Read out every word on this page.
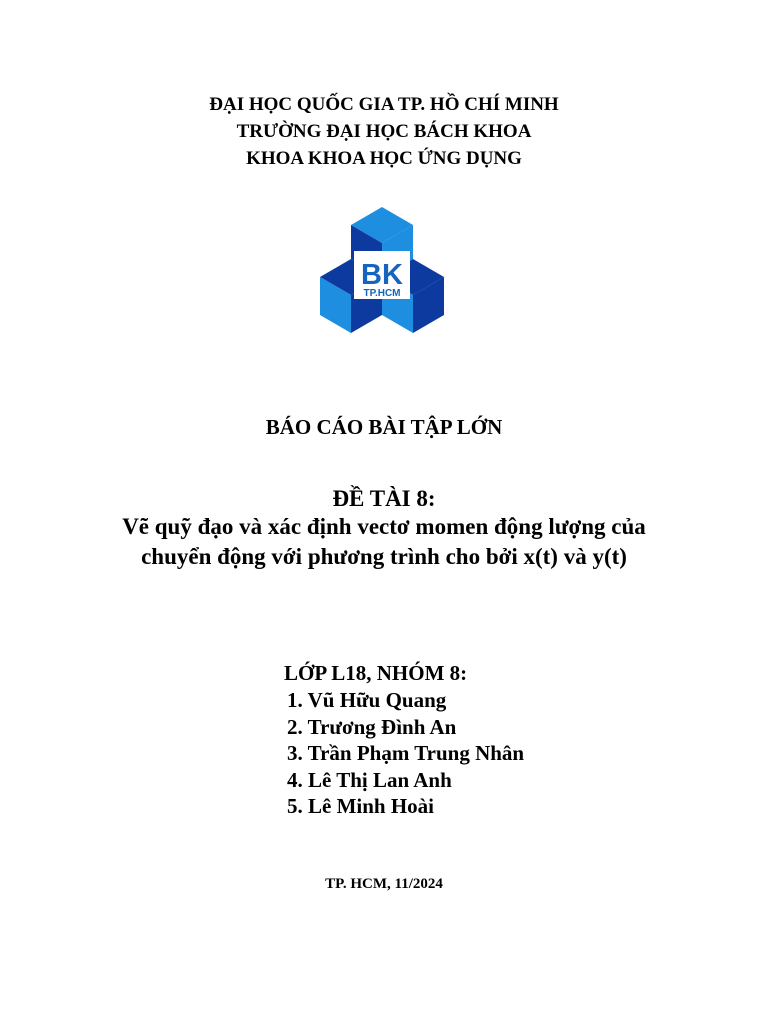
ĐẠI HỌC QUỐC GIA TP. HỒ CHÍ MINH
TRƯỜNG ĐẠI HỌC BÁCH KHOA
KHOA KHOA HỌC ỨNG DỤNG
BK
TP.HCM
BÁO CÁO BÀI TẬP LỚN
ĐỀ TÀI 8:
Vẽ quỹ đạo và xác định vectơ momen động lượng của
chuyển động với phương trình cho bởi x(t) và y(t)
LỚP L18, NHÓM 8:
1. Vũ Hữu Quang
2. Trương Đình An
3. Trần Phạm Trung Nhân
4. Lê Thị Lan Anh
5. Lê Minh Hoài
TP. HCM, 11/2024
